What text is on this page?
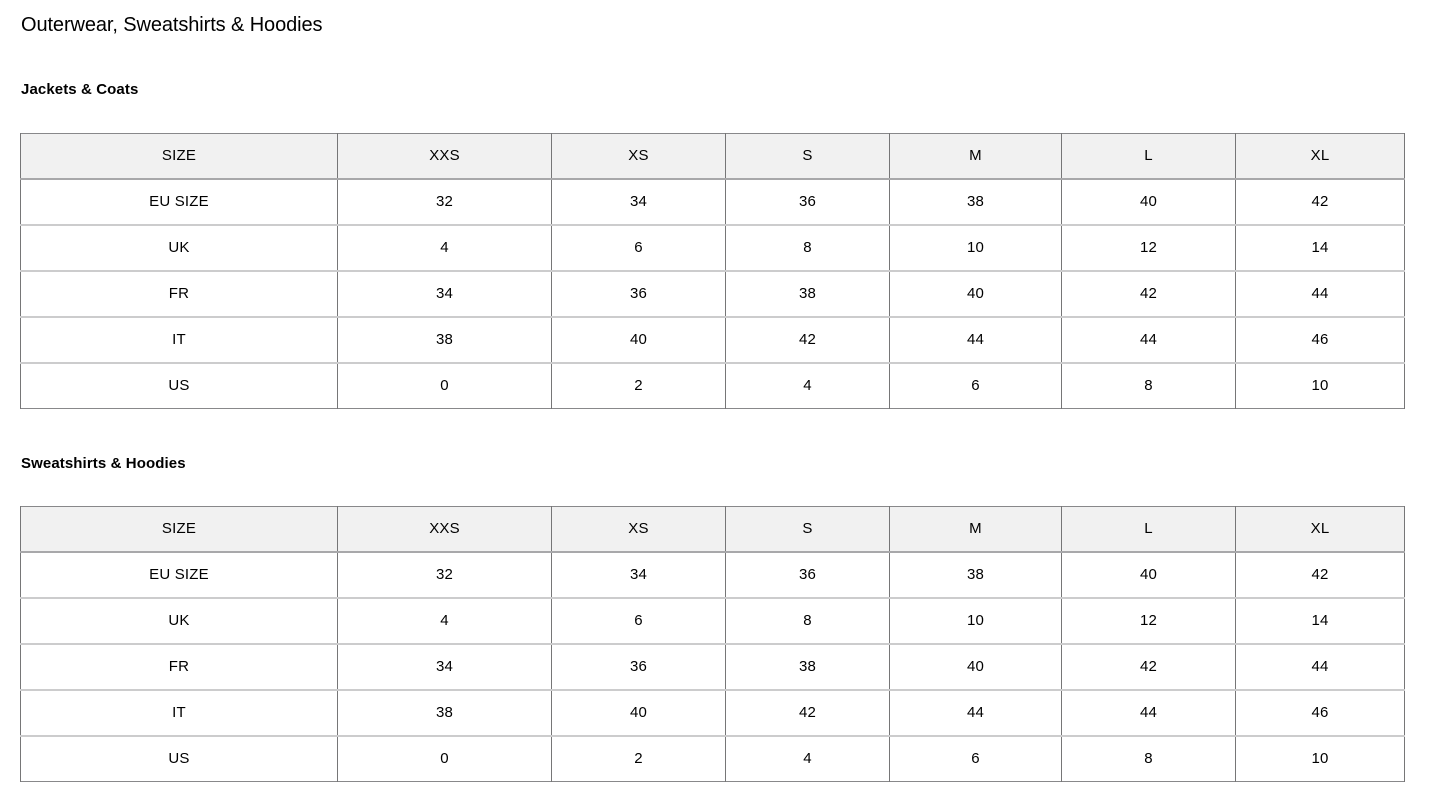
Outerwear, Sweatshirts & Hoodies
Jackets & Coats
SIZE	XXS	XS	S	M	L	XL
EU SIZE	32	34	36	38	40	42
UK	4	6	8	10	12	14
FR	34	36	38	40	42	44
IT	38	40	42	44	44	46
US	0	2	4	6	8	10
Sweatshirts & Hoodies
SIZE	XXS	XS	S	M	L	XL
EU SIZE	32	34	36	38	40	42
UK	4	6	8	10	12	14
FR	34	36	38	40	42	44
IT	38	40	42	44	44	46
US	0	2	4	6	8	10
